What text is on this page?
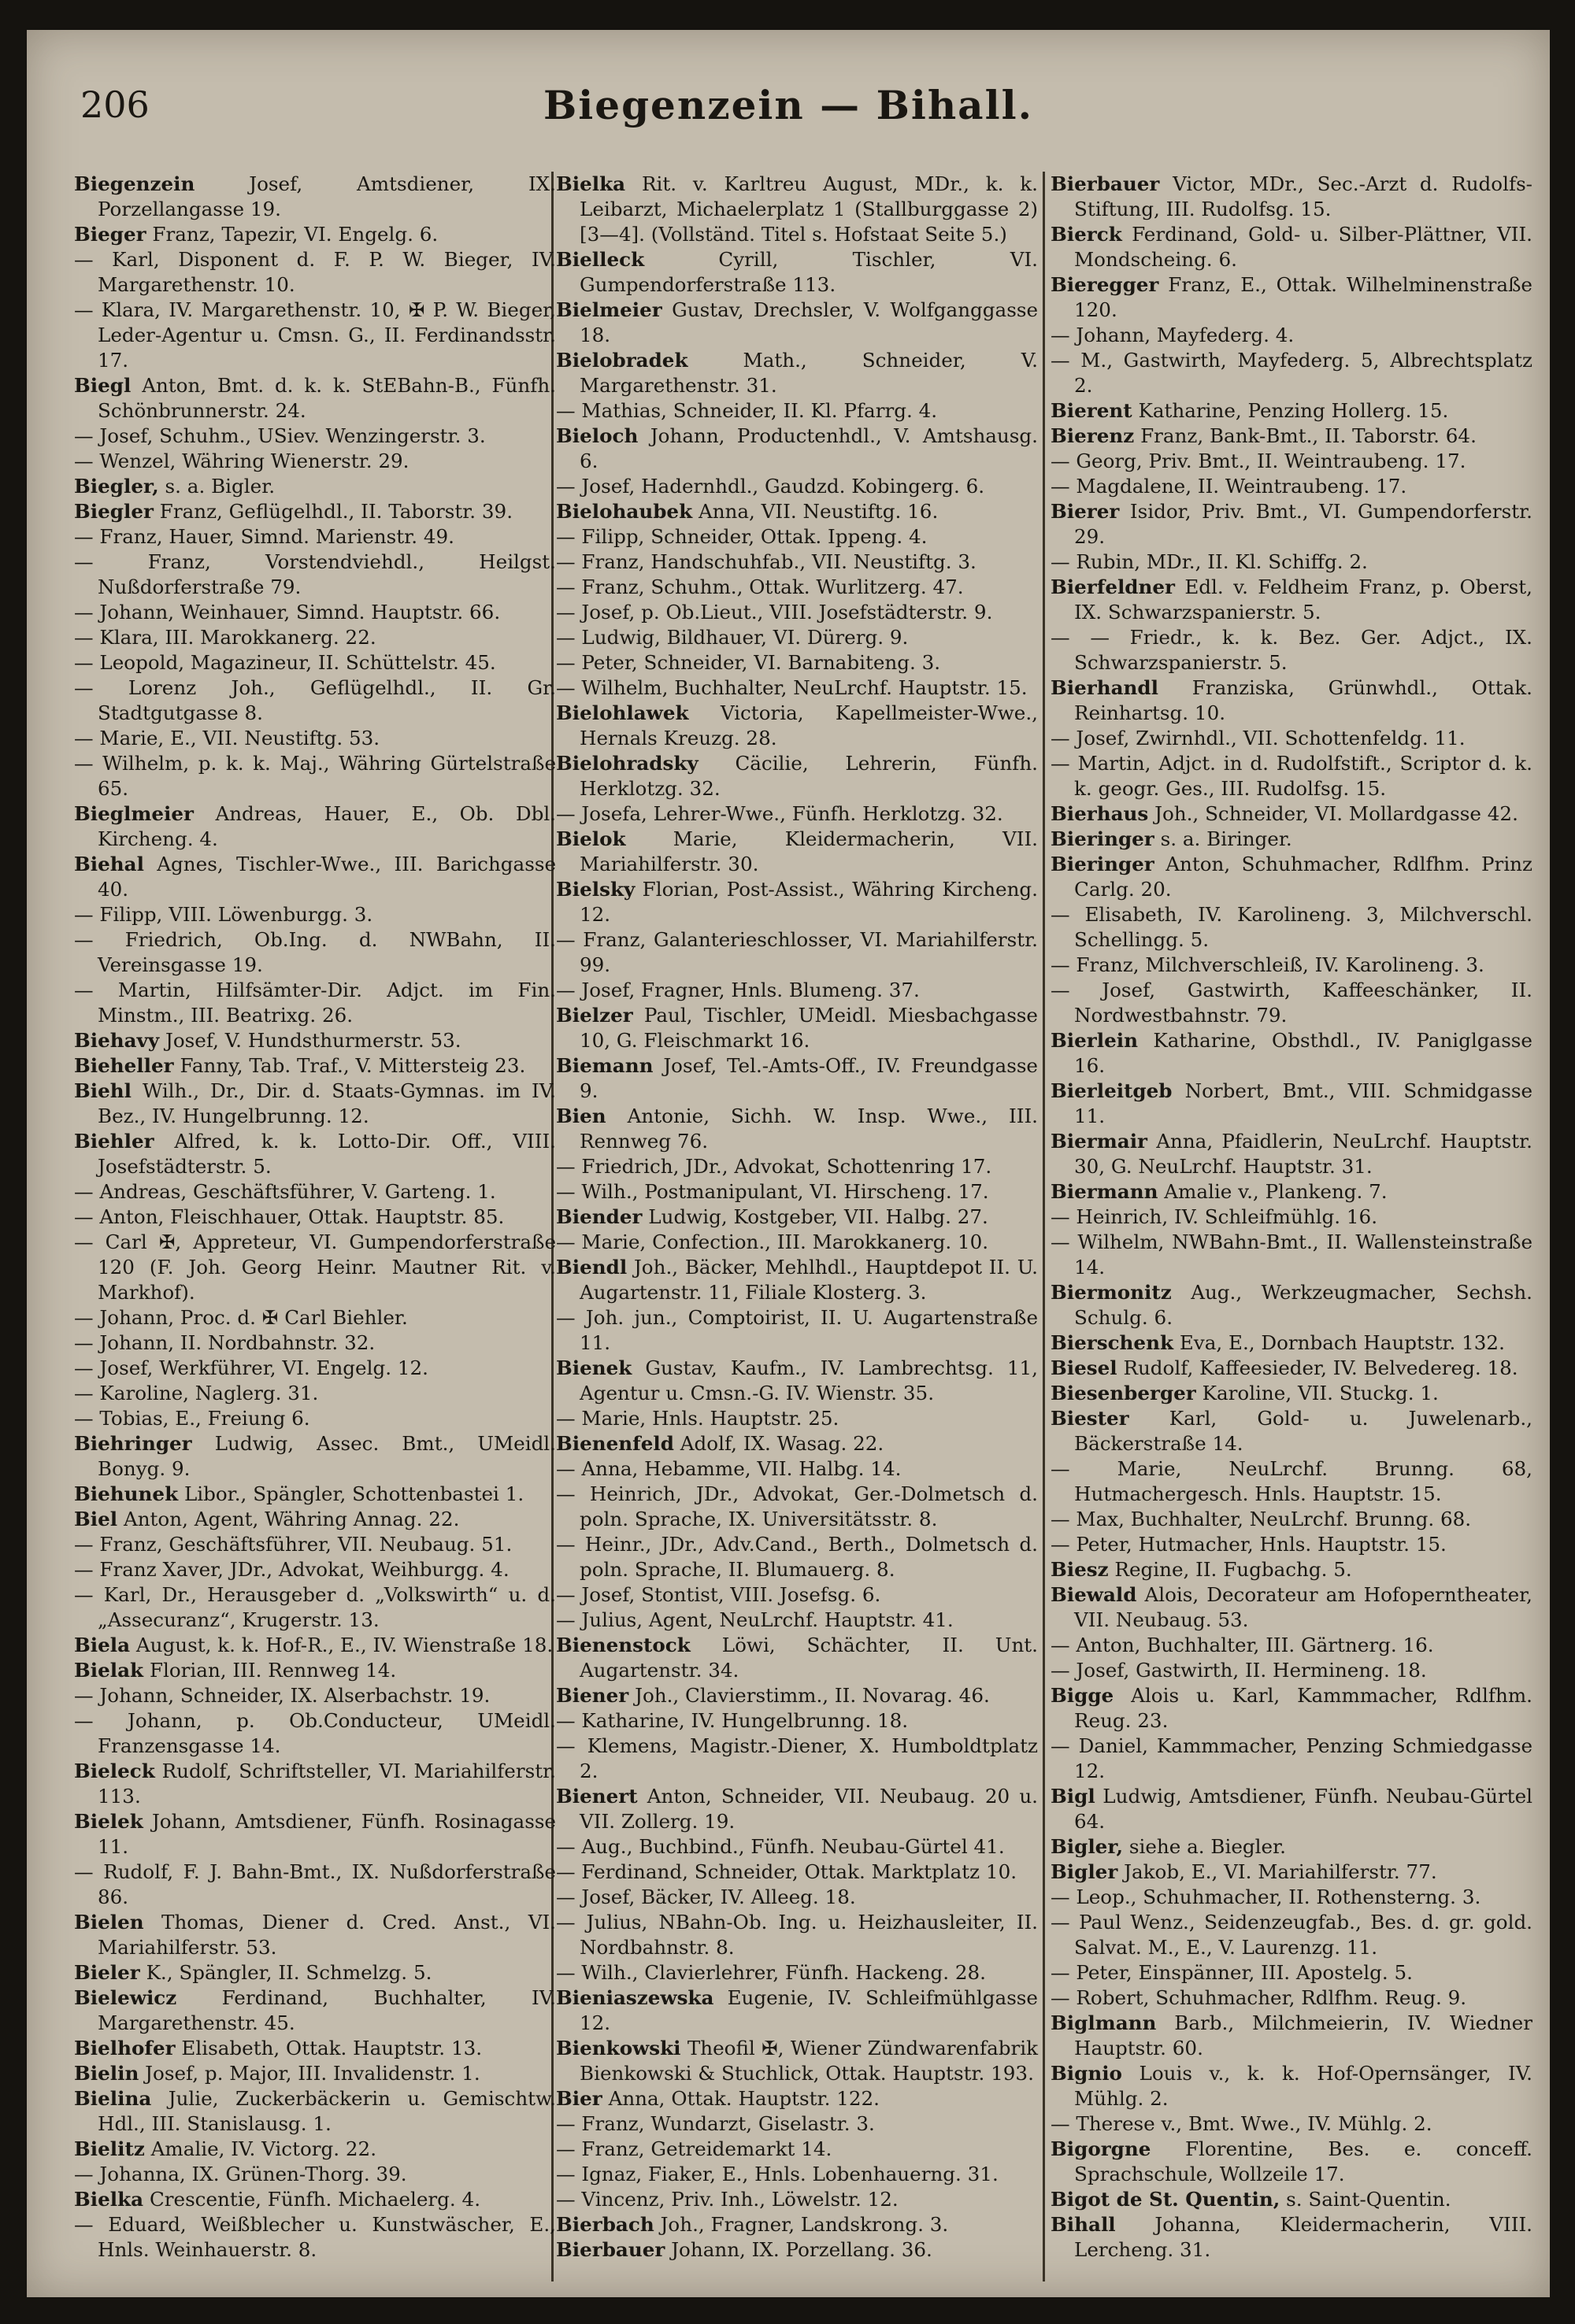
206	Biegenzein — Bihall.
Biegenzein	Josef, Amtsdiener, IX. Porzellangasse 19.
Bieger Franz, Tapezir, VI. Engelg. 6.
— Karl, Disponent d. F. P. W. Bieger, IV. Margarethenstr. 10.
— Klara, IV. Margarethenstr. 10, ✠ P. W. Bieger, Leder-Agentur u. Cmsn. G., II. Ferdinandsstr. 17.
Biegl Anton, Bmt. d. k. k. StEBahn-B., Fünfh. Schönbrunnerstr. 24.
— Josef, Schuhm., USiev. Wenzingerstr. 3.
— Wenzel, Währing Wienerstr. 29.
Biegler, s. a. Bigler.
Biegler Franz, Geflügelhdl., II. Taborstr. 39.
— Franz, Hauer, Simnd. Marienstr. 49.
— Franz, Vorstendviehdl., Heilgst. Nußdorferstraße 79.
— Johann, Weinhauer, Simnd. Hauptstr. 66.
— Klara, III. Marokkanerg. 22.
— Leopold, Magazineur, II. Schüttelstr. 45.
— Lorenz Joh., Geflügelhdl., II. Gr. Stadtgutgasse 8.
— Marie, E., VII. Neustiftg. 53.
— Wilhelm, p. k. k. Maj., Währing Gürtelstraße 65.
Bieglmeier Andreas, Hauer, E., Ob. Dbl. Kircheng. 4.
Biehal Agnes, Tischler-Wwe., III. Barichgasse 40.
— Filipp, VIII. Löwenburgg. 3.
— Friedrich, Ob.Ing. d. NWBahn, II. Vereinsgasse 19.
— Martin, Hilfsämter-Dir. Adjct. im Fin. Minstm., III. Beatrixg. 26.
Biehavy Josef, V. Hundsthurmerstr. 53.
Bieheller Fanny, Tab. Traf., V. Mittersteig 23.
Biehl Wilh., Dr., Dir. d. Staats-Gymnas. im IV. Bez., IV. Hungelbrunng. 12.
Biehler Alfred, k. k. Lotto-Dir. Off., VIII. Josefstädterstr. 5.
— Andreas, Geschäftsführer, V. Garteng. 1.
— Anton, Fleischhauer, Ottak. Hauptstr. 85.
— Carl ✠, Appreteur, VI. Gumpendorferstraße 120 (F. Joh. Georg Heinr. Mautner Rit. v. Markhof).
— Johann, Proc. d. ✠ Carl Biehler.
— Johann, II. Nordbahnstr. 32.
— Josef, Werkführer, VI. Engelg. 12.
— Karoline, Naglerg. 31.
— Tobias, E., Freiung 6.
Biehringer Ludwig, Assec. Bmt., UMeidl. Bonyg. 9.
Biehunek Libor., Spängler, Schottenbastei 1.
Biel Anton, Agent, Währing Annag. 22.
— Franz, Geschäftsführer, VII. Neubaug. 51.
— Franz Xaver, JDr., Advokat, Weihburgg. 4.
— Karl, Dr., Herausgeber d. „Volkswirth“ u. d. „Assecuranz“, Krugerstr. 13.
Biela August, k. k. Hof-R., E., IV. Wienstraße 18.
Bielak Florian, III. Rennweg 14.
— Johann, Schneider, IX. Alserbachstr. 19.
— Johann, p. Ob.Conducteur, UMeidl. Franzensgasse 14.
Bieleck Rudolf, Schriftsteller, VI. Mariahilferstr. 113.
Bielek Johann, Amtsdiener, Fünfh. Rosinagasse 11.
— Rudolf, F. J. Bahn-Bmt., IX. Nußdorferstraße 86.
Bielen Thomas, Diener d. Cred. Anst., VI. Mariahilferstr. 53.
Bieler K., Spängler, II. Schmelzg. 5.
Bielewicz Ferdinand, Buchhalter, IV. Margarethenstr. 45.
Bielhofer Elisabeth, Ottak. Hauptstr. 13.
Bielin Josef, p. Major, III. Invalidenstr. 1.
Bielina Julie, Zuckerbäckerin u. Gemischtw. Hdl., III. Stanislausg. 1.
Bielitz Amalie, IV. Victorg. 22.
— Johanna, IX. Grünen-Thorg. 39.
Bielka Crescentie, Fünfh. Michaelerg. 4.
— Eduard, Weißblecher u. Kunstwäscher, E., Hnls. Weinhauerstr. 8.
Bielka Rit. v. Karltreu August, MDr., k. k. Leibarzt, Michaelerplatz 1 (Stallburggasse 2) [3—4]. (Vollständ. Titel s. Hofstaat Seite 5.)
Bielleck	Cyrill, Tischler, VI. Gumpendorferstraße 113.
Bielmeier Gustav, Drechsler, V. Wolfganggasse 18.
Bielobradek	Math., Schneider, V. Margarethenstr. 31.
— Mathias, Schneider, II. Kl. Pfarrg. 4.
Bieloch Johann, Productenhdl., V. Amtshausg. 6.
— Josef, Hadernhdl., Gaudzd. Kobingerg. 6.
Bielohaubek Anna, VII. Neustiftg. 16.
— Filipp, Schneider, Ottak. Ippeng. 4.
— Franz, Handschuhfab., VII. Neustiftg. 3.
— Franz, Schuhm., Ottak. Wurlitzerg. 47.
— Josef, p. Ob.Lieut., VIII. Josefstädterstr. 9.
— Ludwig, Bildhauer, VI. Dürerg. 9.
— Peter, Schneider, VI. Barnabiteng. 3.
— Wilhelm, Buchhalter, NeuLrchf. Hauptstr. 15.
Bielohlawek Victoria, Kapellmeister-Wwe., Hernals Kreuzg. 28.
Bielohradsky Cäcilie, Lehrerin, Fünfh. Herklotzg. 32.
— Josefa, Lehrer-Wwe., Fünfh. Herklotzg. 32.
Bielok Marie, Kleidermacherin, VII. Mariahilferstr. 30.
Bielsky Florian, Post-Assist., Währing Kircheng. 12.
— Franz, Galanterieschlosser, VI. Mariahilferstr. 99.
— Josef, Fragner, Hnls. Blumeng. 37.
Bielzer Paul, Tischler, UMeidl. Miesbachgasse 10, G. Fleischmarkt 16.
Biemann Josef, Tel.-Amts-Off., IV. Freundgasse 9.
Bien Antonie, Sichh. W. Insp. Wwe., III. Rennweg 76.
— Friedrich, JDr., Advokat, Schottenring 17.
— Wilh., Postmanipulant, VI. Hirscheng. 17.
Biender Ludwig, Kostgeber, VII. Halbg. 27.
— Marie, Confection., III. Marokkanerg. 10.
Biendl Joh., Bäcker, Mehlhdl., Hauptdepot II. U. Augartenstr. 11, Filiale Klosterg. 3.
— Joh. jun., Comptoirist, II. U. Augartenstraße 11.
Bienek Gustav, Kaufm., IV. Lambrechtsg. 11, Agentur u. Cmsn.-G. IV. Wienstr. 35.
— Marie, Hnls. Hauptstr. 25.
Bienenfeld Adolf, IX. Wasag. 22.
— Anna, Hebamme, VII. Halbg. 14.
— Heinrich, JDr., Advokat, Ger.-Dolmetsch d. poln. Sprache, IX. Universitätsstr. 8.
— Heinr., JDr., Adv.Cand., Berth., Dolmetsch d. poln. Sprache, II. Blumauerg. 8.
— Josef, Stontist, VIII. Josefsg. 6.
— Julius, Agent, NeuLrchf. Hauptstr. 41.
Bienenstock Löwi, Schächter, II. Unt. Augartenstr. 34.
Biener Joh., Clavierstimm., II. Novarag. 46.
— Katharine, IV. Hungelbrunng. 18.
— Klemens, Magistr.-Diener, X. Humboldtplatz 2.
Bienert Anton, Schneider, VII. Neubaug. 20 u. VII. Zollerg. 19.
— Aug., Buchbind., Fünfh. Neubau-Gürtel 41.
— Ferdinand, Schneider, Ottak. Marktplatz 10.
— Josef, Bäcker, IV. Alleeg. 18.
— Julius, NBahn-Ob. Ing. u. Heizhausleiter, II. Nordbahnstr. 8.
— Wilh., Clavierlehrer, Fünfh. Hackeng. 28.
Bieniaszewska Eugenie, IV. Schleifmühlgasse 12.
Bienkowski Theofil ✠, Wiener Zündwarenfabrik Bienkowski & Stuchlick, Ottak. Hauptstr. 193.
Bier Anna, Ottak. Hauptstr. 122.
— Franz, Wundarzt, Giselastr. 3.
— Franz, Getreidemarkt 14.
— Ignaz, Fiaker, E., Hnls. Lobenhauerng. 31.
— Vincenz, Priv. Inh., Löwelstr. 12.
Bierbach Joh., Fragner, Landskrong. 3.
Bierbauer Johann, IX. Porzellang. 36.
Bierbauer Victor, MDr., Sec.-Arzt d. Rudolfs-Stiftung, III. Rudolfsg. 15.
Bierck Ferdinand, Gold- u. Silber-Plättner, VII. Mondscheing. 6.
Bieregger Franz, E., Ottak. Wilhelminenstraße 120.
— Johann, Mayfederg. 4.
— M., Gastwirth, Mayfederg. 5, Albrechtsplatz 2.
Bierent Katharine, Penzing Hollerg. 15.
Bierenz Franz, Bank-Bmt., II. Taborstr. 64.
— Georg, Priv. Bmt., II. Weintraubeng. 17.
— Magdalene, II. Weintraubeng. 17.
Bierer Isidor, Priv. Bmt., VI. Gumpendorferstr. 29.
— Rubin, MDr., II. Kl. Schiffg. 2.
Bierfeldner Edl. v. Feldheim Franz, p. Oberst, IX. Schwarzspanierstr. 5.
— — Friedr., k. k. Bez. Ger. Adjct., IX. Schwarzspanierstr. 5.
Bierhandl Franziska, Grünwhdl., Ottak. Reinhartsg. 10.
— Josef, Zwirnhdl., VII. Schottenfeldg. 11.
— Martin, Adjct. in d. Rudolfstift., Scriptor d. k. k. geogr. Ges., III. Rudolfsg. 15.
Bierhaus Joh., Schneider, VI. Mollardgasse 42.
Bieringer s. a. Biringer.
Bieringer Anton, Schuhmacher, Rdlfhm. Prinz Carlg. 20.
— Elisabeth, IV. Karolineng. 3, Milchverschl. Schellingg. 5.
— Franz, Milchverschleiß, IV. Karolineng. 3.
— Josef, Gastwirth, Kaffeeschänker, II. Nordwestbahnstr. 79.
Bierlein Katharine, Obsthdl., IV. Paniglgasse 16.
Bierleitgeb Norbert, Bmt., VIII. Schmidgasse 11.
Biermair Anna, Pfaidlerin, NeuLrchf. Hauptstr. 30, G. NeuLrchf. Hauptstr. 31.
Biermann Amalie v., Plankeng. 7.
— Heinrich, IV. Schleifmühlg. 16.
— Wilhelm, NWBahn-Bmt., II. Wallensteinstraße 14.
Biermonitz Aug., Werkzeugmacher, Sechsh. Schulg. 6.
Bierschenk Eva, E., Dornbach Hauptstr. 132.
Biesel Rudolf, Kaffeesieder, IV. Belvedereg. 18.
Biesenberger Karoline, VII. Stuckg. 1.
Biester Karl, Gold- u. Juwelenarb., Bäckerstraße 14.
— Marie, NeuLrchf. Brunng. 68, Hutmachergesch. Hnls. Hauptstr. 15.
— Max, Buchhalter, NeuLrchf. Brunng. 68.
— Peter, Hutmacher, Hnls. Hauptstr. 15.
Biesz Regine, II. Fugbachg. 5.
Biewald Alois, Decorateur am Hofoperntheater, VII. Neubaug. 53.
— Anton, Buchhalter, III. Gärtnerg. 16.
— Josef, Gastwirth, II. Hermineng. 18.
Bigge Alois u. Karl, Kammmacher, Rdlfhm. Reug. 23.
— Daniel, Kammmacher, Penzing Schmiedgasse 12.
Bigl Ludwig, Amtsdiener, Fünfh. Neubau-Gürtel 64.
Bigler, siehe a. Biegler.
Bigler Jakob, E., VI. Mariahilferstr. 77.
— Leop., Schuhmacher, II. Rothensterng. 3.
— Paul Wenz., Seidenzeugfab., Bes. d. gr. gold. Salvat. M., E., V. Laurenzg. 11.
— Peter, Einspänner, III. Apostelg. 5.
— Robert, Schuhmacher, Rdlfhm. Reug. 9.
Biglmann Barb., Milchmeierin, IV. Wiedner Hauptstr. 60.
Bignio Louis v., k. k. Hof-Opernsänger, IV. Mühlg. 2.
— Therese v., Bmt. Wwe., IV. Mühlg. 2.
Bigorgne Florentine, Bes. e. conceff. Sprachschule, Wollzeile 17.
Bigot de St. Quentin, s. Saint-Quentin.
Bihall Johanna, Kleidermacherin, VIII. Lercheng. 31.
